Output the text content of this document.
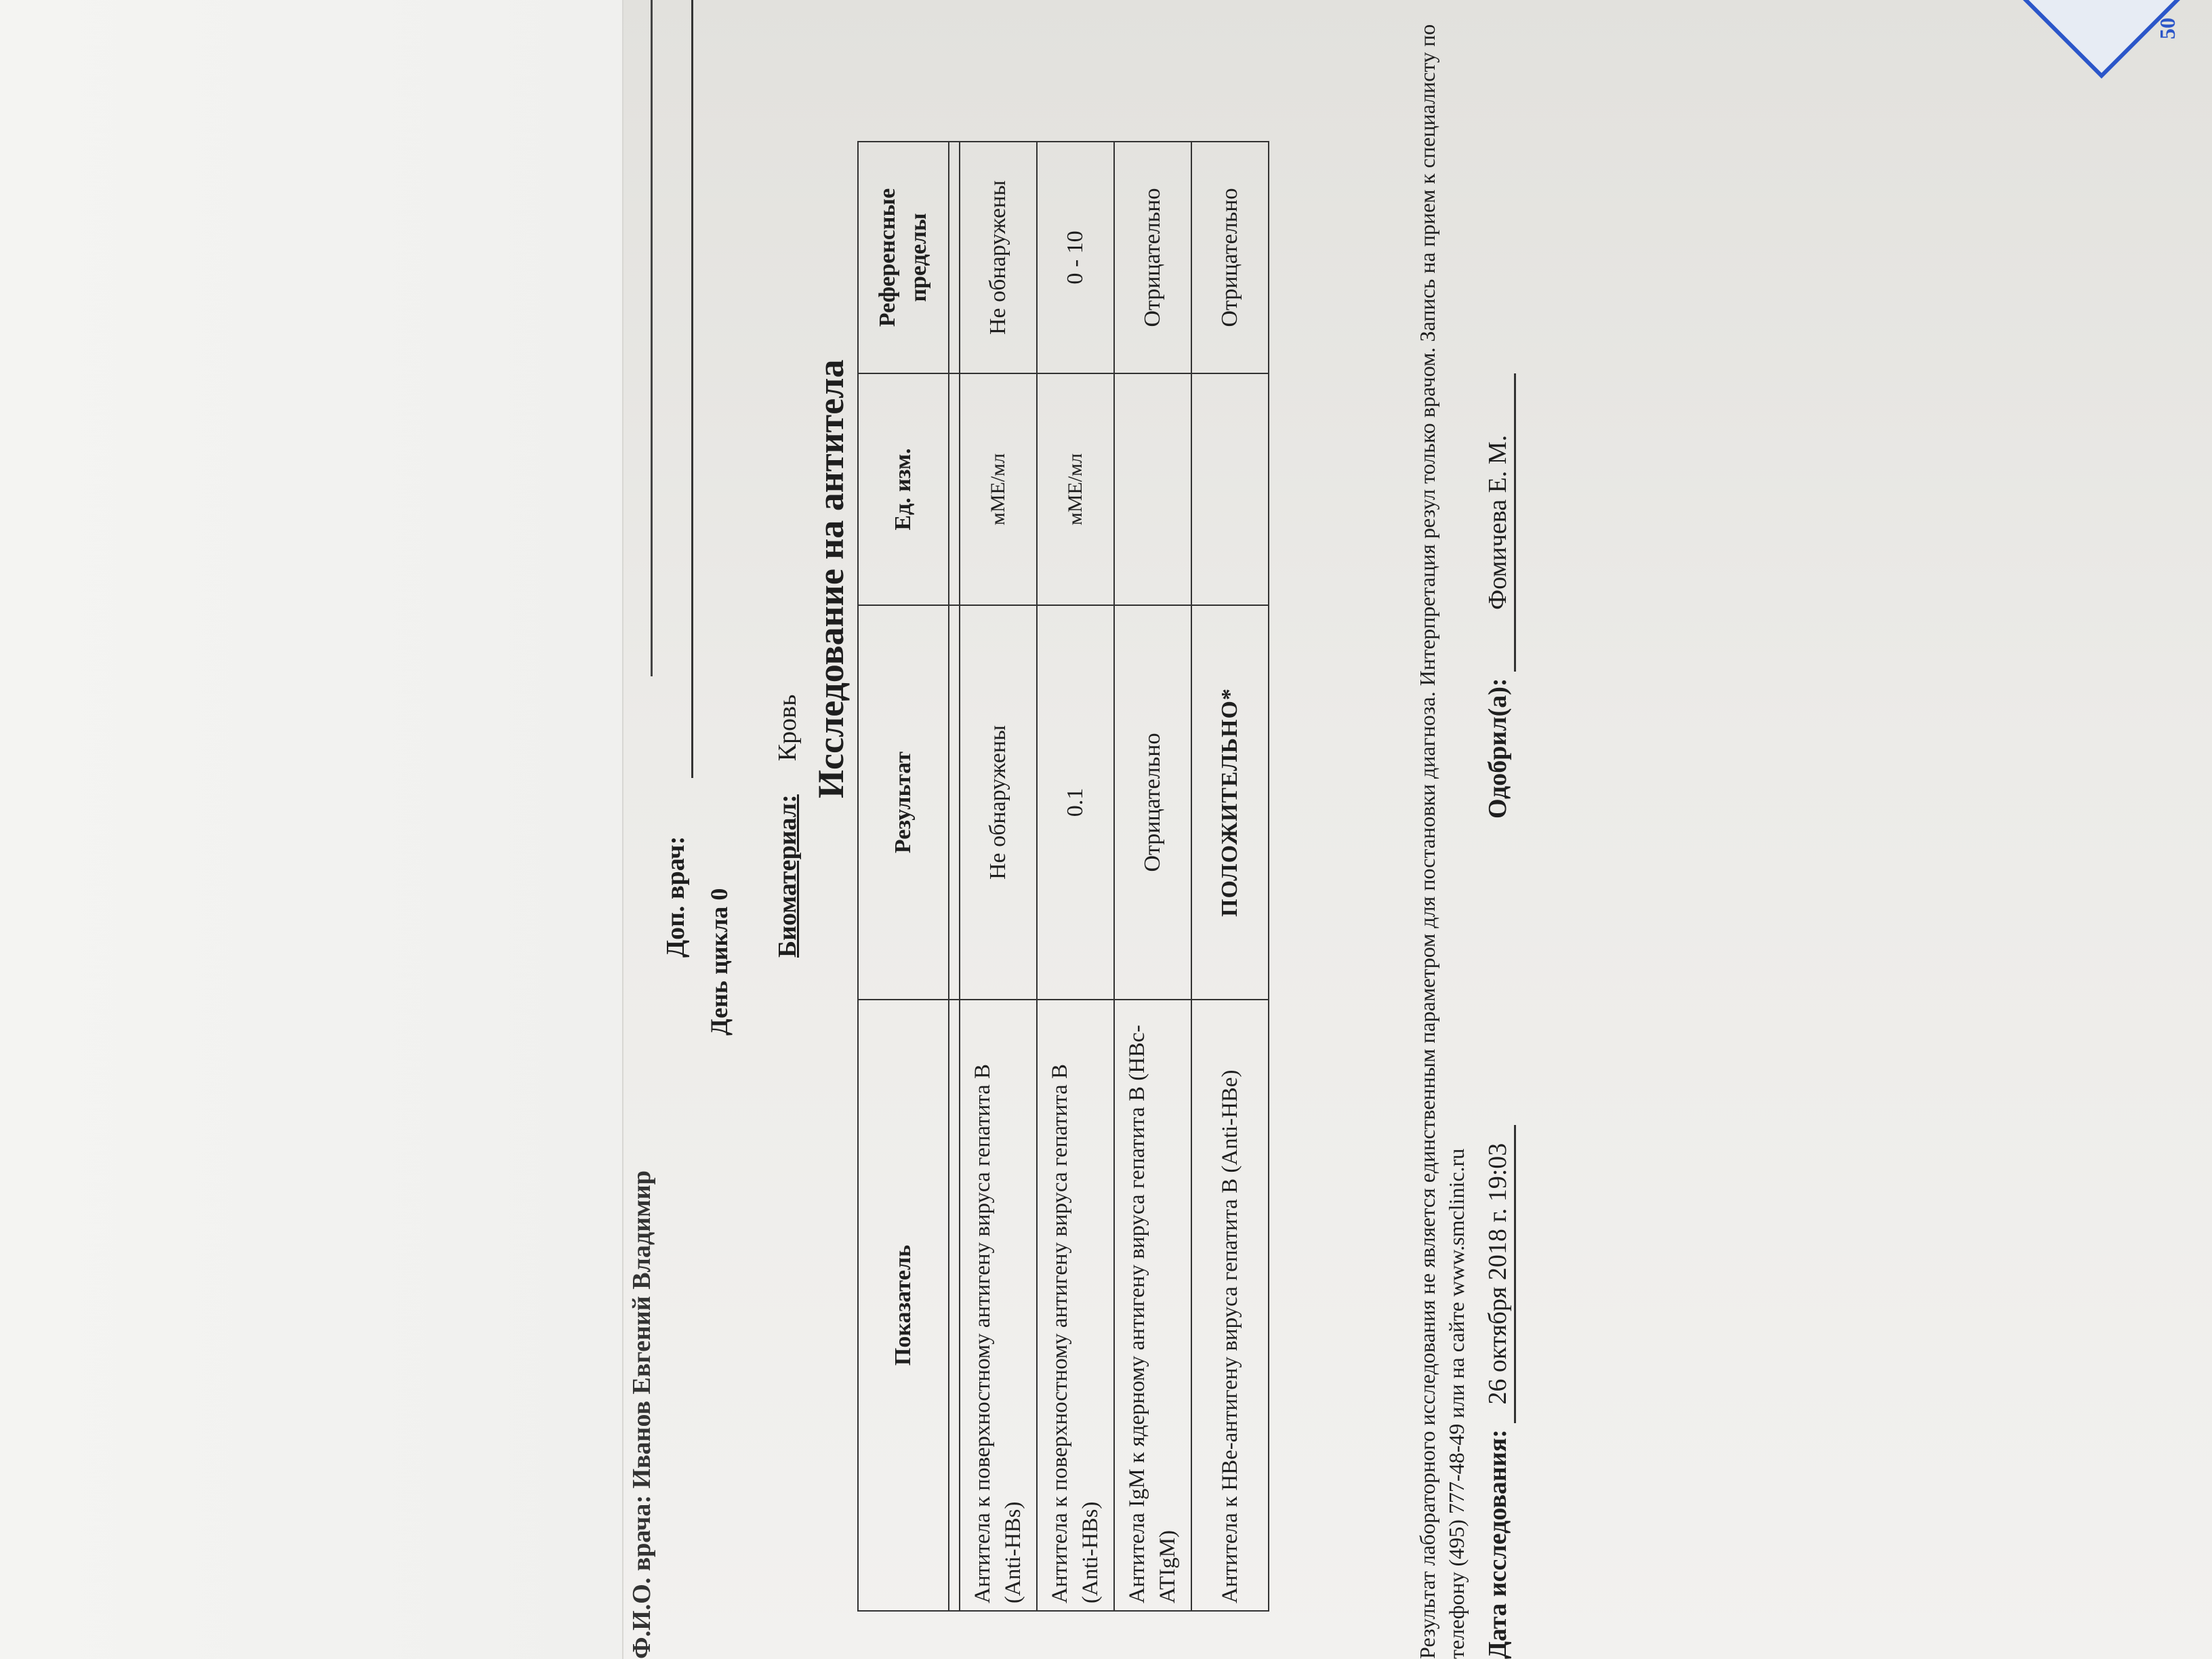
Ф.И.О. врача: Иванов Евгений Владимир
Доп. врач: День цикла 0
Биоматериал:  Кровь Исследование на антитела
Показатель	Результат	Ед. изм.	Референсные пределы

Антитела к поверхностному антигену вируса гепатита В (Anti-HBs)	Не обнаружены	мМЕ/мл	Не обнаружены
Антитела к поверхностному антигену вируса гепатита В (Anti-HBs)	0.1	мМЕ/мл	0 - 10
Антитела IgM к ядерному антигену вируса гепатита В (HBc-ATIgM)	Отрицательно		Отрицательно
Антитела к HBe-антигену вируса гепатита В (Anti-HBe)	ПОЛОЖИТЕЛЬНО*		Отрицательно	Результат лабораторного исследования не является единственным параметром для постановки диагноза. Интерпретация резул только врачом. Запись на прием к специалисту по телефону (495) 777-48-49 или на сайте www.smclinic.ru Дата исследования: 26 октября 2018 г. 19:03
Одобрил(а): Фомичева Е. М.
50
